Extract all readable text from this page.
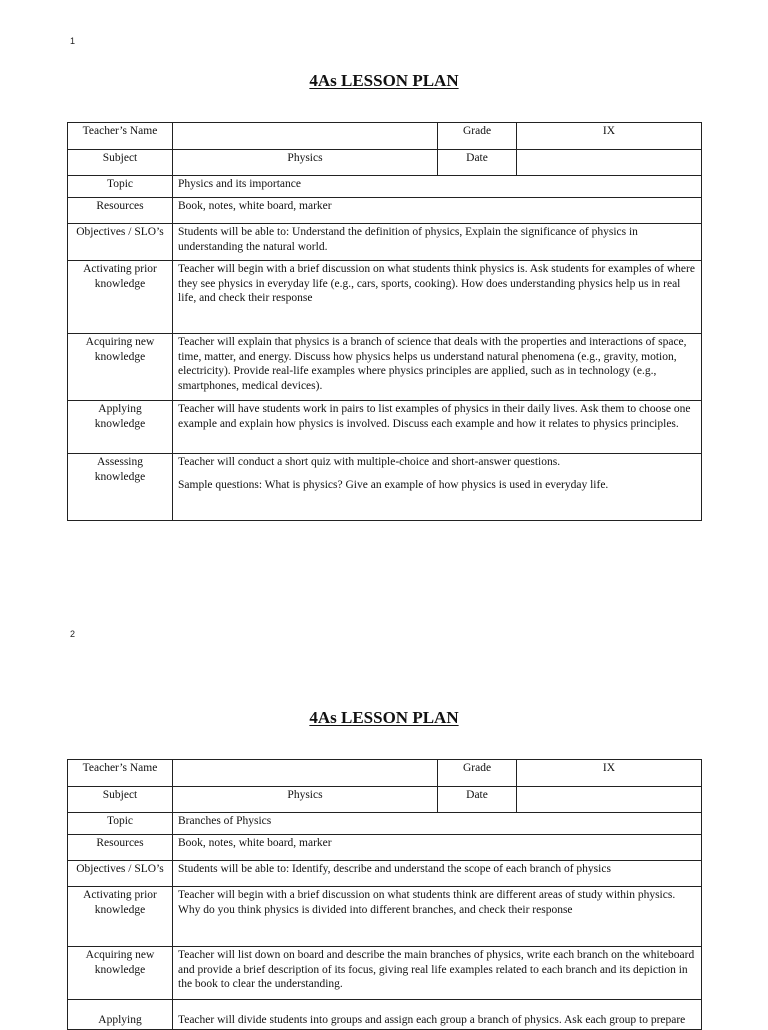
1
4As LESSON PLAN
Teacher’s Name		Grade	IX
Subject	Physics	Date	
Topic	Physics and its importance		
Resources	Book, notes, white board, marker		
Objectives / SLO’s	Students will be able to: Understand the definition of physics, Explain the significance of physics in understanding the natural world.		
Activating prior knowledge	Teacher will begin with a brief discussion on what students think physics is. Ask students for examples of where they see physics in everyday life (e.g., cars, sports, cooking). How does understanding physics help us in real life, and check their response		
Acquiring new knowledge	Teacher will explain that physics is a branch of science that deals with the properties and interactions of space, time, matter, and energy. Discuss how physics helps us understand natural phenomena (e.g., gravity, motion, electricity). Provide real-life examples where physics principles are applied, such as in technology (e.g., smartphones, medical devices).		
Applying knowledge	Teacher will have students work in pairs to list examples of physics in their daily lives. Ask them to choose one example and explain how physics is involved. Discuss each example and how it relates to physics principles.		
Assessing knowledge	Teacher will conduct a short quiz with multiple-choice and short-answer questions.
Sample questions: What is physics? Give an example of how physics is used in everyday life.		
2
4As LESSON PLAN
Teacher’s Name		Grade	IX
Subject	Physics	Date	
Topic	Branches of Physics		
Resources	Book, notes, white board, marker		
Objectives / SLO’s	Students will be able to: Identify, describe and understand the scope of each branch of physics		
Activating prior knowledge	Teacher will begin with a brief discussion on what students think are different areas of study within physics. Why do you think physics is divided into different branches, and check their response		
Acquiring new knowledge	Teacher will list down on board and describe the main branches of physics, write each branch on the whiteboard and provide a brief description of its focus, giving real life examples related to each branch and its depiction in the book to clear the understanding.		
Applying	Teacher will divide students into groups and assign each group a branch of physics. Ask each group to prepare		
